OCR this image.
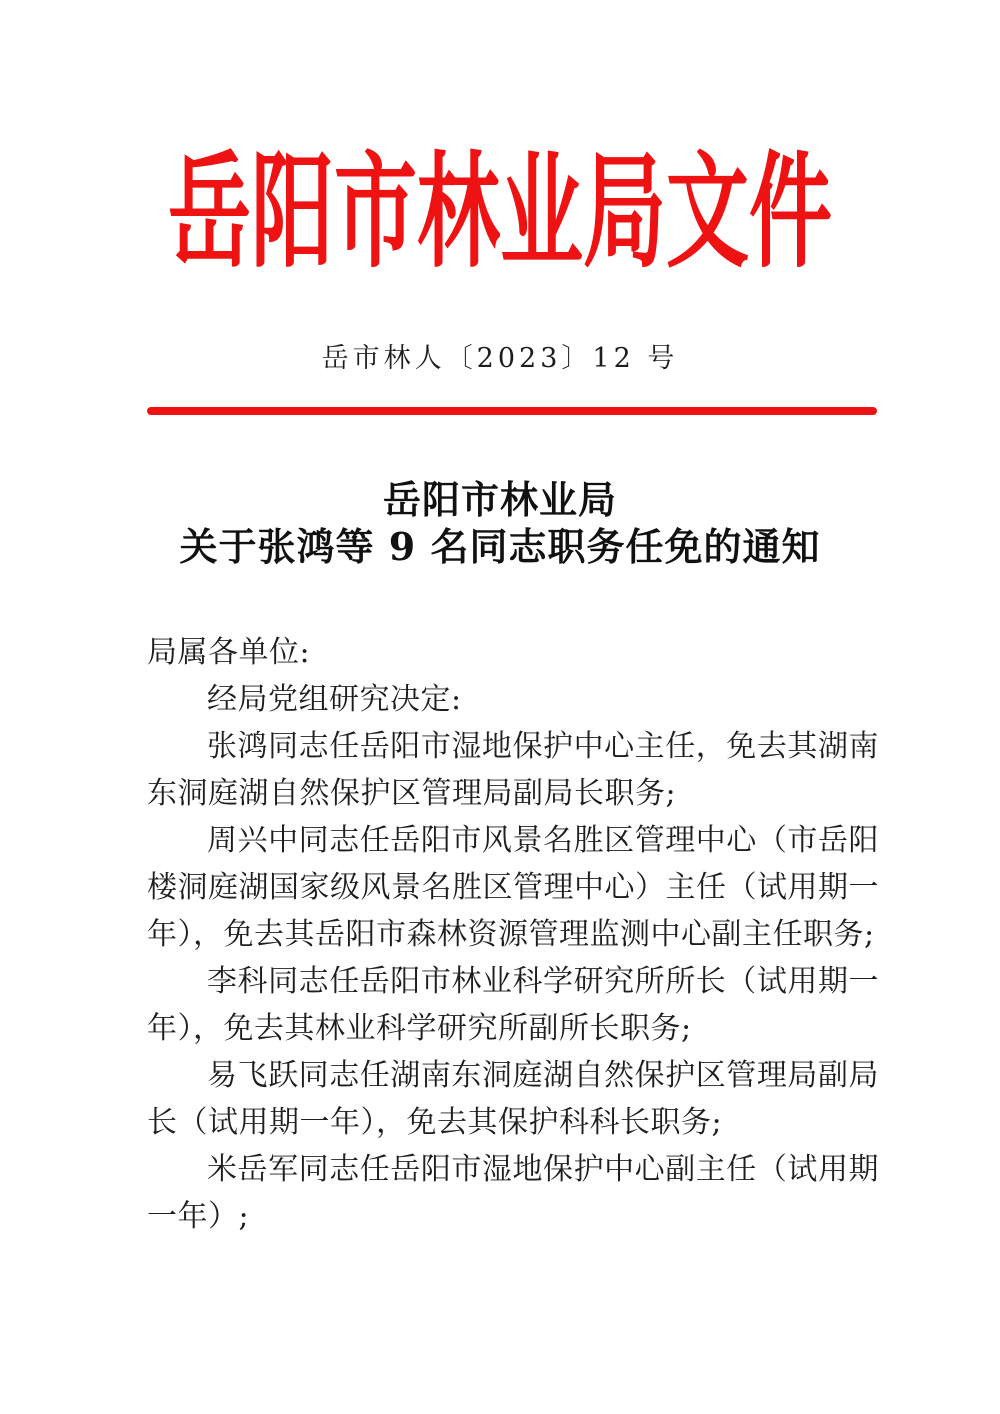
岳阳市林业局文件
岳市林人〔2023〕12 号
岳阳市林业局
关于张鸿等 9 名同志职务任免的通知

局属各单位:

经局党组研究决定:

张鸿同志任岳阳市湿地保护中心主任，免去其湖南东洞庭湖自然保护区管理局副局长职务;

周兴中同志任岳阳市风景名胜区管理中心（市岳阳楼洞庭湖国家级风景名胜区管理中心）主任（试用期一年），免去其岳阳市森林资源管理监测中心副主任职务;

李科同志任岳阳市林业科学研究所所长（试用期一年），免去其林业科学研究所副所长职务;

易飞跃同志任湖南东洞庭湖自然保护区管理局副局长（试用期一年），免去其保护科科长职务;

米岳军同志任岳阳市湿地保护中心副主任（试用期一年）;
